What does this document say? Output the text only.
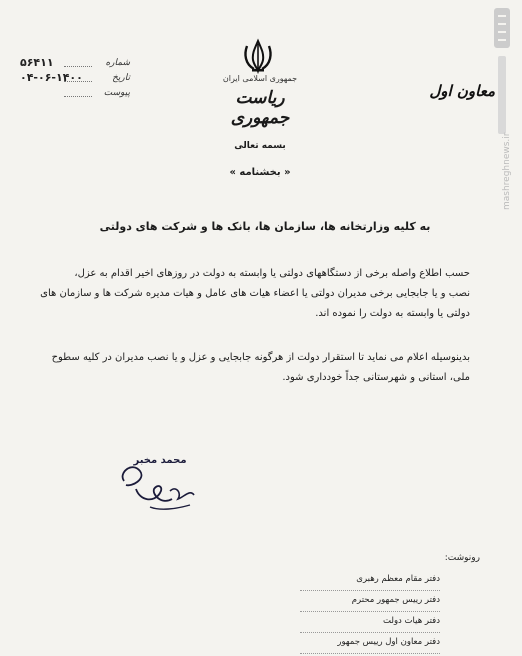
۵۶۴۱۱	شماره
۰۴-۰۶-۱۴۰۰	تاریخ
پیوست
جمهوری اسلامی ایران
ریاست جمهوری
معاون اول
بسمه تعالی
« بخشنامه »
به کلیه وزارتخانه ها، سازمان ها، بانک ها و شرکت های دولتی
حسب اطلاع واصله برخی از دستگاههای دولتی یا وابسته به دولت در روزهای اخیر اقدام به عزل،
نصب و یا جابجایی برخی مدیران دولتی یا اعضاء هیات های عامل و هیات مدیره شرکت ها و سازمان های
دولتی یا وابسته به دولت را نموده اند.
بدینوسیله اعلام می نماید تا استقرار دولت از هرگونه جابجایی و عزل و یا نصب مدیران در کلیه سطوح
ملی، استانی و شهرستانی جداً خودداری شود.
محمد مخبر
رونوشت:
دفتر مقام معظم رهبری
دفتر رییس جمهور محترم
دفتر هیات دولت
دفتر معاون اول رییس جمهور
mashreghnews.ir
